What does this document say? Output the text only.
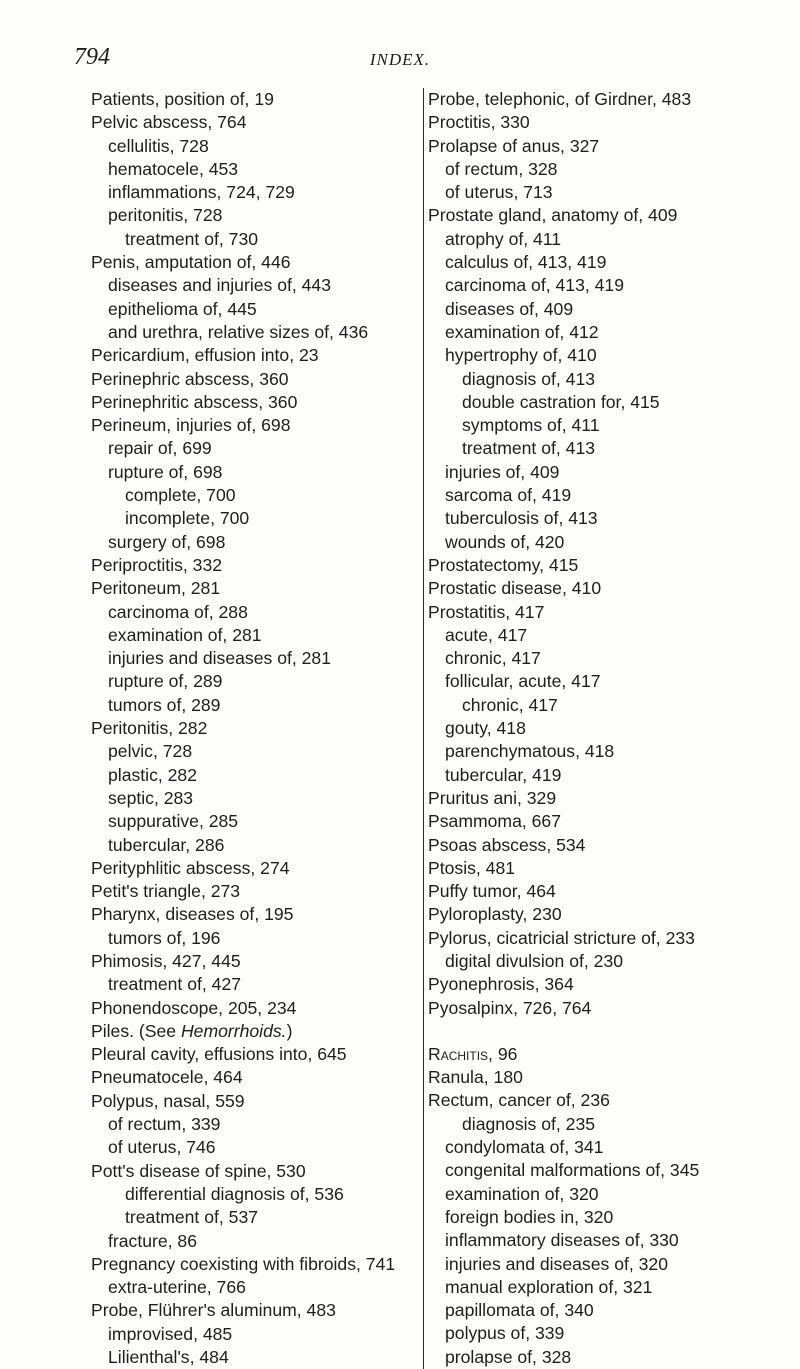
794	INDEX.
Patients, position of, 19
Pelvic abscess, 764
cellulitis, 728
hematocele, 453
inflammations, 724, 729
peritonitis, 728
treatment of, 730
Penis, amputation of, 446
diseases and injuries of, 443
epithelioma of, 445
and urethra, relative sizes of, 436
Pericardium, effusion into, 23
Perinephric abscess, 360
Perinephritic abscess, 360
Perineum, injuries of, 698
repair of, 699
rupture of, 698
complete, 700
incomplete, 700
surgery of, 698
Periproctitis, 332
Peritoneum, 281
carcinoma of, 288
examination of, 281
injuries and diseases of, 281
rupture of, 289
tumors of, 289
Peritonitis, 282
pelvic, 728
plastic, 282
septic, 283
suppurative, 285
tubercular, 286
Perityphlitic abscess, 274
Petit's triangle, 273
Pharynx, diseases of, 195
tumors of, 196
Phimosis, 427, 445
treatment of, 427
Phonendoscope, 205, 234
Piles. (See Hemorrhoids.)
Pleural cavity, effusions into, 645
Pneumatocele, 464
Polypus, nasal, 559
of rectum, 339
of uterus, 746
Pott's disease of spine, 530
differential diagnosis of, 536
treatment of, 537
fracture, 86
Pregnancy coexisting with fibroids, 741
extra-uterine, 766
Probe, Flührer's aluminum, 483
improvised, 485
Lilienthal's, 484
Probe, telephonic, of Girdner, 483
Proctitis, 330
Prolapse of anus, 327
of rectum, 328
of uterus, 713
Prostate gland, anatomy of, 409
atrophy of, 411
calculus of, 413, 419
carcinoma of, 413, 419
diseases of, 409
examination of, 412
hypertrophy of, 410
diagnosis of, 413
double castration for, 415
symptoms of, 411
treatment of, 413
injuries of, 409
sarcoma of, 419
tuberculosis of, 413
wounds of, 420
Prostatectomy, 415
Prostatic disease, 410
Prostatitis, 417
acute, 417
chronic, 417
follicular, acute, 417
chronic, 417
gouty, 418
parenchymatous, 418
tubercular, 419
Pruritus ani, 329
Psammoma, 667
Psoas abscess, 534
Ptosis, 481
Puffy tumor, 464
Pyloroplasty, 230
Pylorus, cicatricial stricture of, 233
digital divulsion of, 230
Pyonephrosis, 364
Pyosalpinx, 726, 764
Rachitis, 96
Ranula, 180
Rectum, cancer of, 236
diagnosis of, 235
condylomata of, 341
congenital malformations of, 345
examination of, 320
foreign bodies in, 320
inflammatory diseases of, 330
injuries and diseases of, 320
manual exploration of, 321
papillomata of, 340
polypus of, 339
prolapse of, 328
